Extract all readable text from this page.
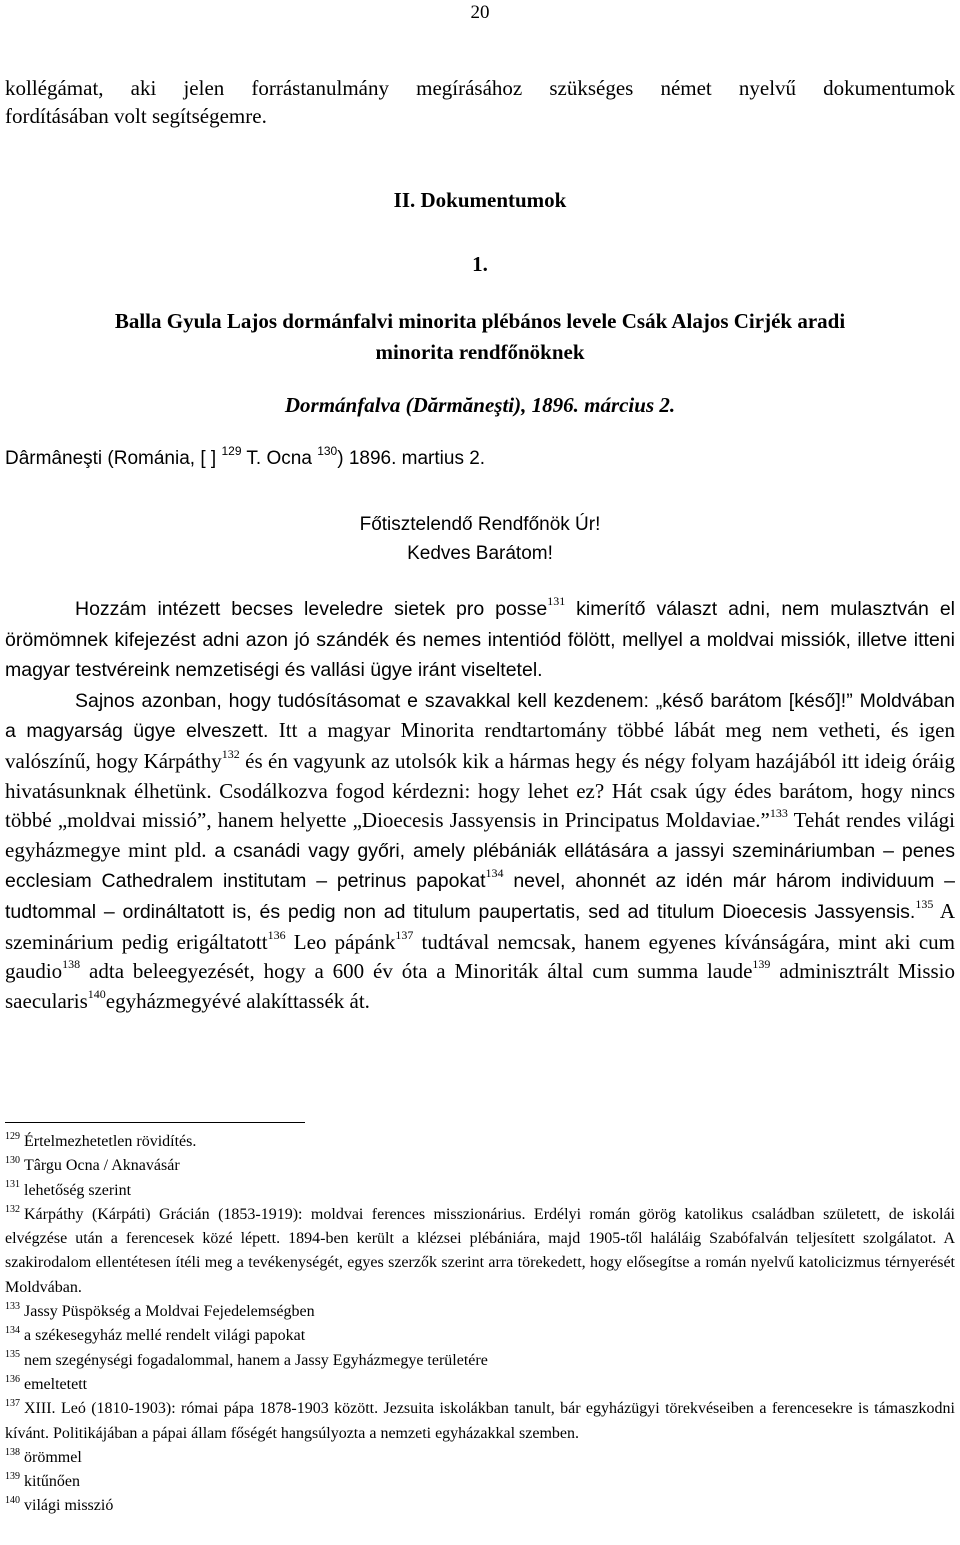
20
kollégámat, aki jelen forrástanulmány megírásához szükséges német nyelvű dokumentumok
fordításában volt segítségemre.
II. Dokumentumok
1.
Balla Gyula Lajos dormánfalvi minorita plébános levele Csák Alajos Cirjék aradi
minorita rendfőnöknek
Dormánfalva (Dărmăneşti), 1896. március 2.
Dârmâneşti (Románia, [ ] $^{129}$ T. Ocna $^{130}$) 1896. martius 2.
Főtisztelendő Rendfőnök Úr!
Kedves Barátom!

Hozzám intézett becses leveledre sietek pro posse$^{131}$ kimerítő választ adni, nem mulasztván el örömömnek kifejezést adni azon jó szándék és nemes intentiód fölött, mellyel a moldvai missiók, illetve itteni magyar testvéreink nemzetiségi és vallási ügye iránt viseltetel.

Sajnos azonban, hogy tudósításomat e szavakkal kell kezdenem: „késő barátom [késő]!” Moldvában a magyarság ügye elveszett. Itt a magyar Minorita rendtartomány többé lábát meg nem vetheti, és igen valószínű, hogy Kárpáthy$^{132}$ és én vagyunk az utolsók kik a hármas hegy és négy folyam hazájából itt ideig óráig hivatásunknak élhetünk. Csodálkozva fogod kérdezni: hogy lehet ez? Hát csak úgy édes barátom, hogy nincs többé „moldvai missió”, hanem helyette „Dioecesis Jassyensis in Principatus Moldaviae.”$^{133}$ Tehát rendes világi egyházmegye mint pld. a csanádi vagy győri, amely plébániák ellátására a jassyi szemináriumban – penes ecclesiam Cathedralem institutam – petrinus papokat$^{134}$ nevel, ahonnét az idén már három individuum – tudtommal – ordináltatott is, és pedig non ad titulum paupertatis, sed ad titulum Dioecesis Jassyensis.$^{135}$ A szeminárium pedig erigáltatott$^{136}$ Leo pápánk$^{137}$ tudtával nemcsak, hanem egyenes kívánságára, mint aki cum gaudio$^{138}$ adta beleegyezését, hogy a 600 év óta a Minoriták által cum summa laude$^{139}$ adminisztrált Missio saecularis$^{140}$egyházmegyévé alakíttassék át.

$^{129}$ Értelmezhetetlen rövidítés.

$^{130}$ Târgu Ocna / Aknavásár

$^{131}$ lehetőség szerint

$^{132}$ Kárpáthy (Kárpáti) Grácián (1853-1919): moldvai ferences misszionárius. Erdélyi román görög katolikus családban született, de iskolái elvégzése után a ferencesek közé lépett. 1894-ben került a klézsei plébániára, majd 1905-től haláláig Szabófalván teljesített szolgálatot. A szakirodalom ellentétesen ítéli meg a tevékenységét, egyes szerzők szerint arra törekedett, hogy elősegítse a román nyelvű katolicizmus térnyerését Moldvában.

$^{133}$ Jassy Püspökség a Moldvai Fejedelemségben

$^{134}$ a székesegyház mellé rendelt világi papokat

$^{135}$ nem szegénységi fogadalommal, hanem a Jassy Egyházmegye területére

$^{136}$ emeltetett

$^{137}$ XIII. Leó (1810-1903): római pápa 1878-1903 között. Jezsuita iskolákban tanult, bár egyházügyi törekvéseiben a ferencesekre is támaszkodni kívánt. Politikájában a pápai állam főségét hangsúlyozta a nemzeti egyházakkal szemben.

$^{138}$ örömmel

$^{139}$ kitűnően

$^{140}$ világi misszió
